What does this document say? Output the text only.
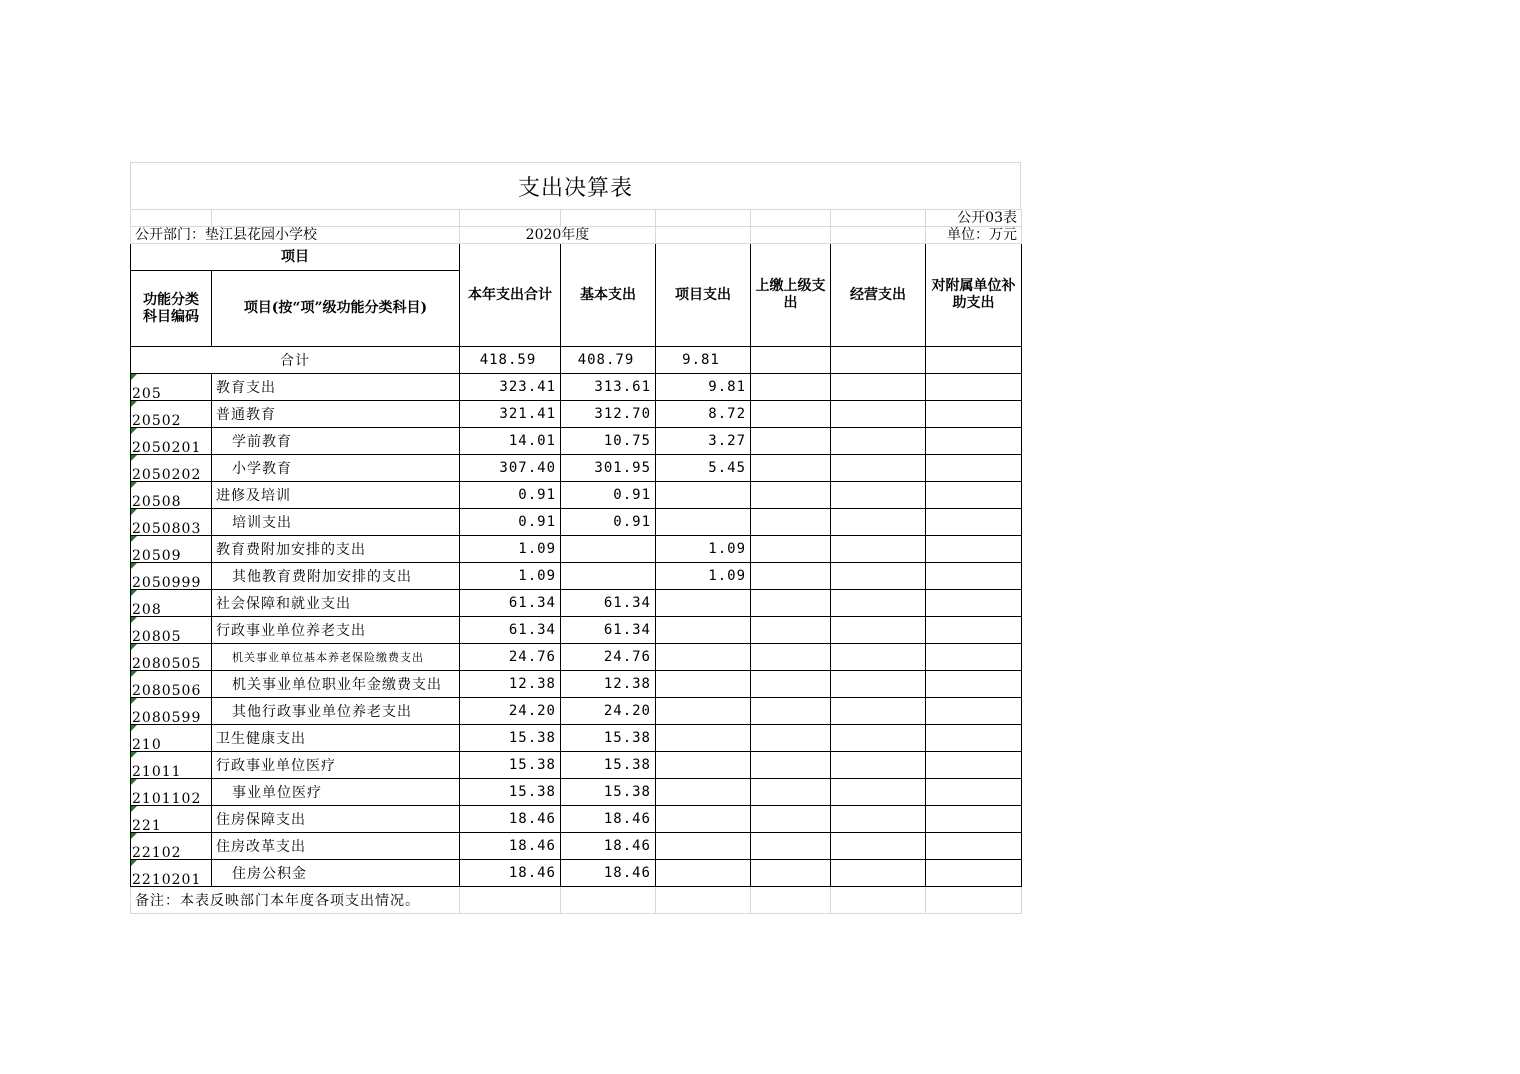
支出决算表
							公开03表
公开部门：垫江县花园小学校		2020年度					单位：万元
项目		本年支出合计	基本支出	项目支出	上缴上级支出	经营支出	对附属单位补助支出
功能分类科目编码	项目(按“项”级功能分类科目)						
合计		418.59	408.79	9.81			
205	教育支出	323.41	313.61	9.81			
20502	普通教育	321.41	312.70	8.72			
2050201	学前教育	14.01	10.75	3.27			
2050202	小学教育	307.40	301.95	5.45			
20508	进修及培训	0.91	0.91				
2050803	培训支出	0.91	0.91				
20509	教育费附加安排的支出	1.09		1.09			
2050999	其他教育费附加安排的支出	1.09		1.09			
208	社会保障和就业支出	61.34	61.34				
20805	行政事业单位养老支出	61.34	61.34				
2080505	机关事业单位基本养老保险缴费支出	24.76	24.76				
2080506	机关事业单位职业年金缴费支出	12.38	12.38				
2080599	其他行政事业单位养老支出	24.20	24.20				
210	卫生健康支出	15.38	15.38				
21011	行政事业单位医疗	15.38	15.38				
2101102	事业单位医疗	15.38	15.38				
221	住房保障支出	18.46	18.46				
22102	住房改革支出	18.46	18.46				
2210201	住房公积金	18.46	18.46				
备注：本表反映部门本年度各项支出情况。							
